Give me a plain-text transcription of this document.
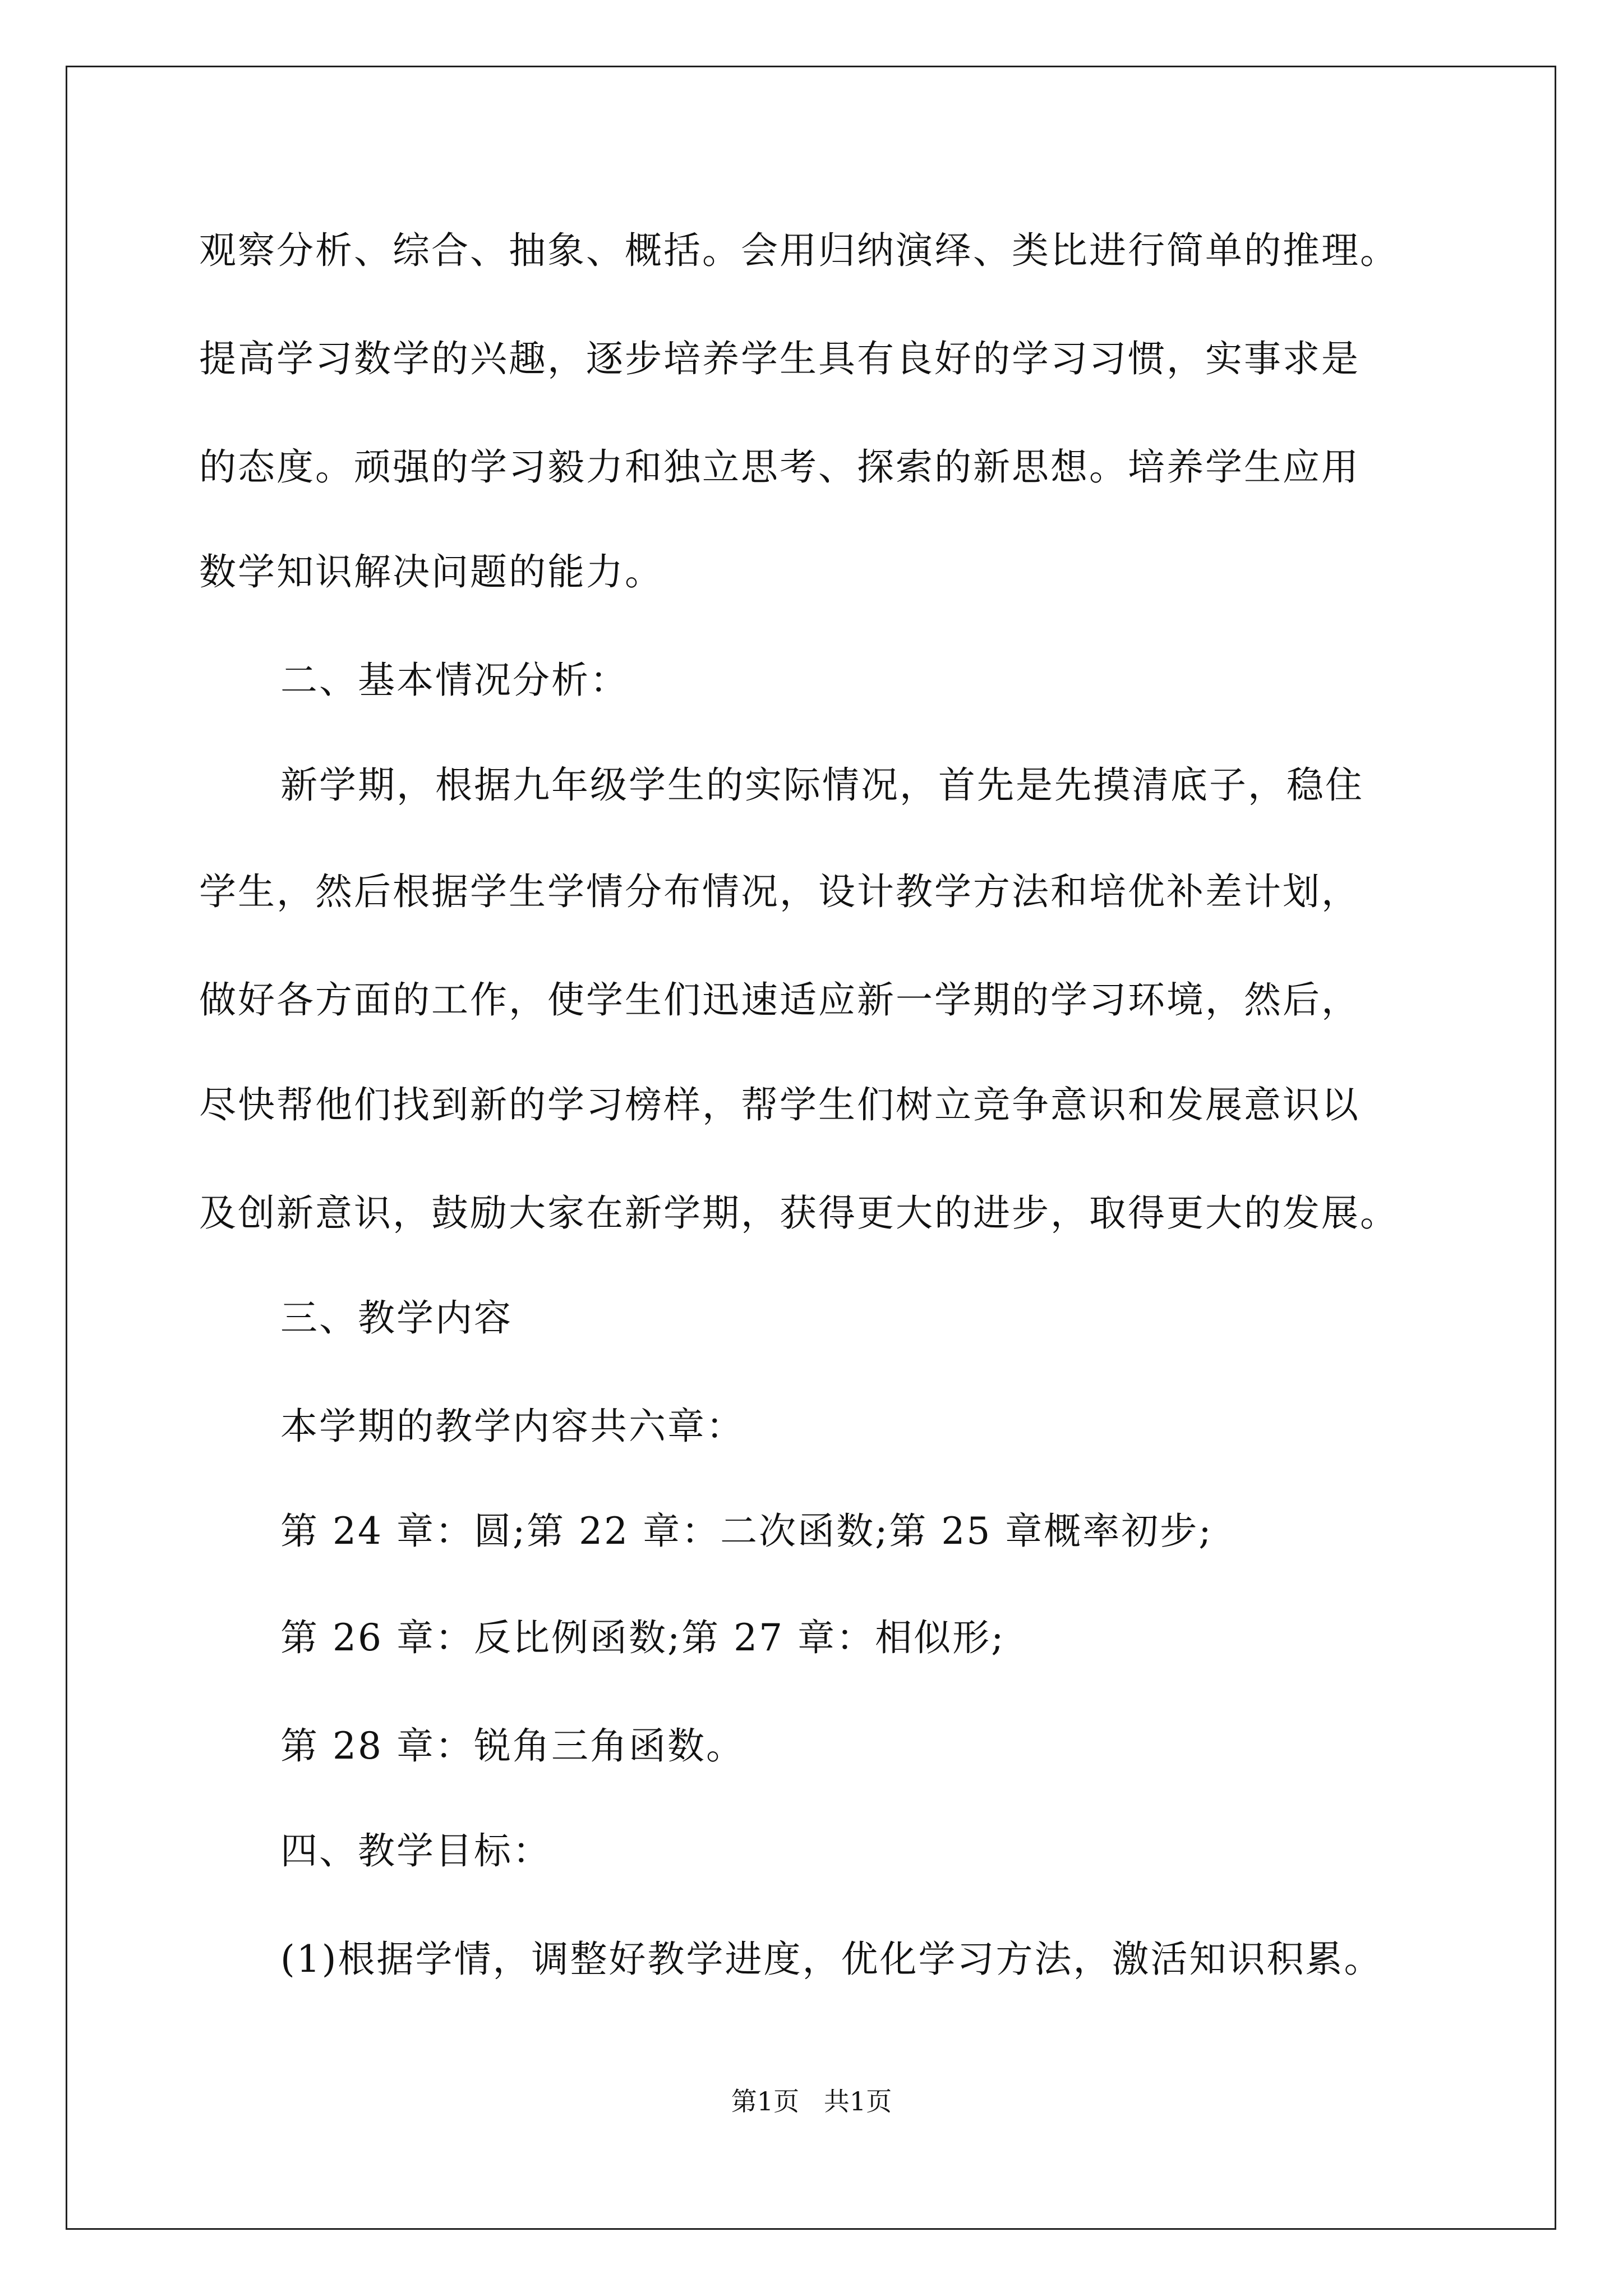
观察分析、综合、抽象、概括。会用归纳演绎、类比进行简单的推理。
提高学习数学的兴趣，逐步培养学生具有良好的学习习惯，实事求是
的态度。顽强的学习毅力和独立思考、探索的新思想。培养学生应用
数学知识解决问题的能力。
二、基本情况分析：
新学期，根据九年级学生的实际情况，首先是先摸清底子，稳住
学生，然后根据学生学情分布情况，设计教学方法和培优补差计划，
做好各方面的工作，使学生们迅速适应新一学期的学习环境，然后，
尽快帮他们找到新的学习榜样，帮学生们树立竞争意识和发展意识以
及创新意识，鼓励大家在新学期，获得更大的进步，取得更大的发展。
三、教学内容
本学期的教学内容共六章：
第 24 章：圆;第 22 章：二次函数;第 25 章概率初步;
第 26 章：反比例函数;第 27 章：相似形;
第 28 章：锐角三角函数。
四、教学目标：
(1)根据学情，调整好教学进度，优化学习方法，激活知识积累。
第1页   共1页
